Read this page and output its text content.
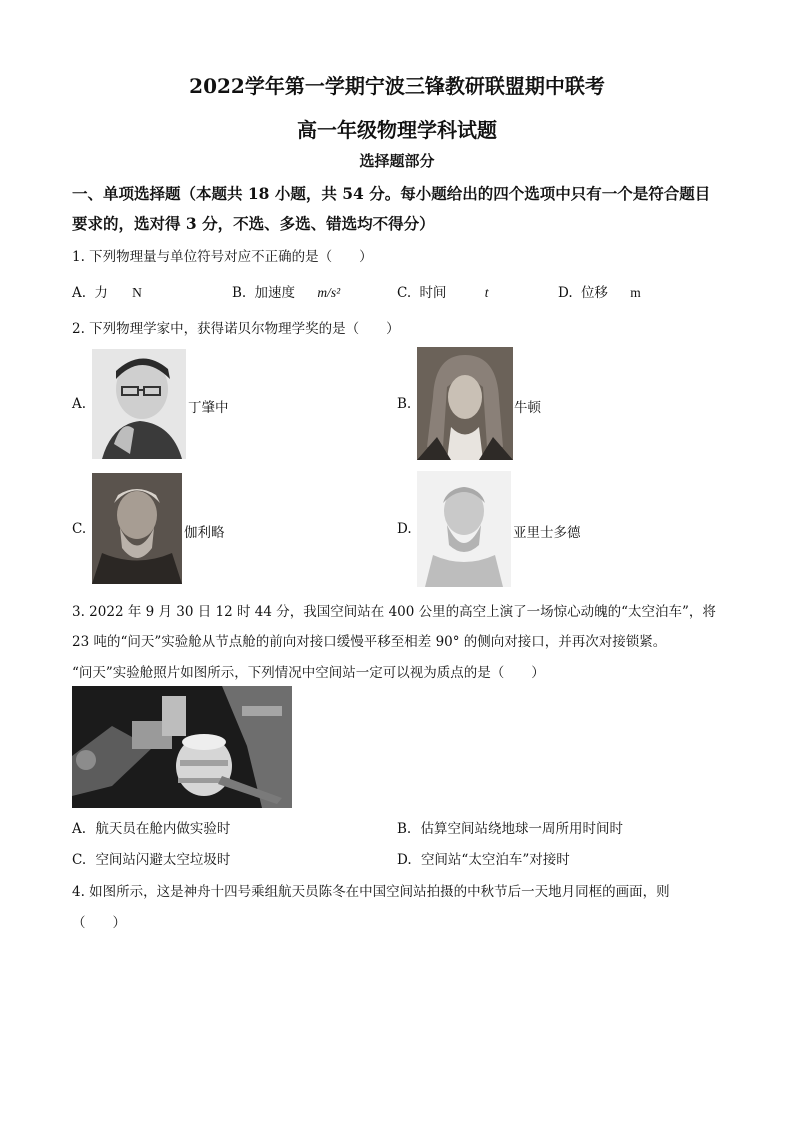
2022学年第一学期宁波三锋教研联盟期中联考
高一年级物理学科试题
选择题部分
一、单项选择题（本题共 18 小题，共 54 分。每小题给出的四个选项中只有一个是符合题目
要求的，选对得 3 分，不选、多选、错选均不得分）
1. 下列物理量与单位符号对应不正确的是（　　）
A. 力 N	B. 加速度 m/s²	C. 时间	t	D. 位移 m
2. 下列物理学家中，获得诺贝尔物理学奖的是（　　）
A.	丁肇中	B.	牛顿
C.	伽利略	D.	亚里士多德
3. 2022 年 9 月 30 日 12 时 44 分，我国空间站在 400 公里的高空上演了一场惊心动魄的“太空泊车”，将
23 吨的“问天”实验舱从节点舱的前向对接口缓慢平移至相差 90° 的侧向对接口，并再次对接锁紧。
“问天”实验舱照片如图所示，下列情况中空间站一定可以视为质点的是（　　）
A. 航天员在舱内做实验时	B. 估算空间站绕地球一周所用时间时
C. 空间站闪避太空垃圾时	D. 空间站“太空泊车”对接时
4. 如图所示，这是神舟十四号乘组航天员陈冬在中国空间站拍摄的中秋节后一天地月同框的画面，则
（　　）
